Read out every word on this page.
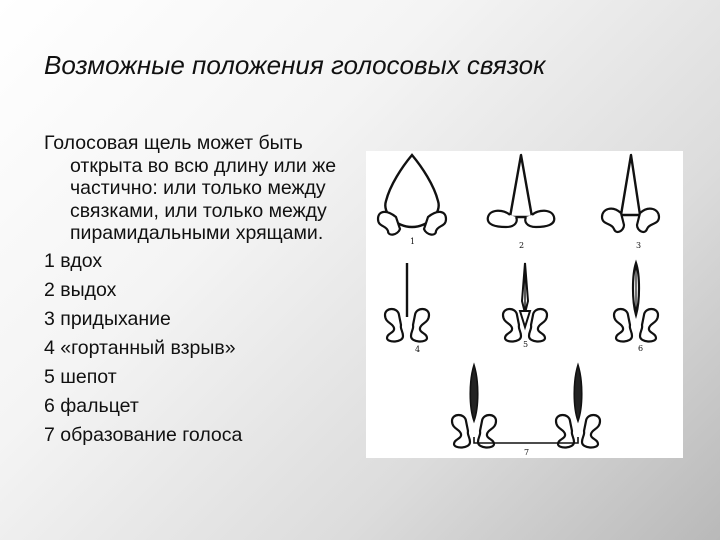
Возможные положения голосовых связок
Голосовая щель может быть открыта во всю длину или же частично: или только между связками, или только между пирамидальными хрящами.
1 вдох
2 выдох
3 придыхание
4 «гортанный взрыв»
5 шепот
6 фальцет
7 образование голоса
1	2	3
4
5	6
7
